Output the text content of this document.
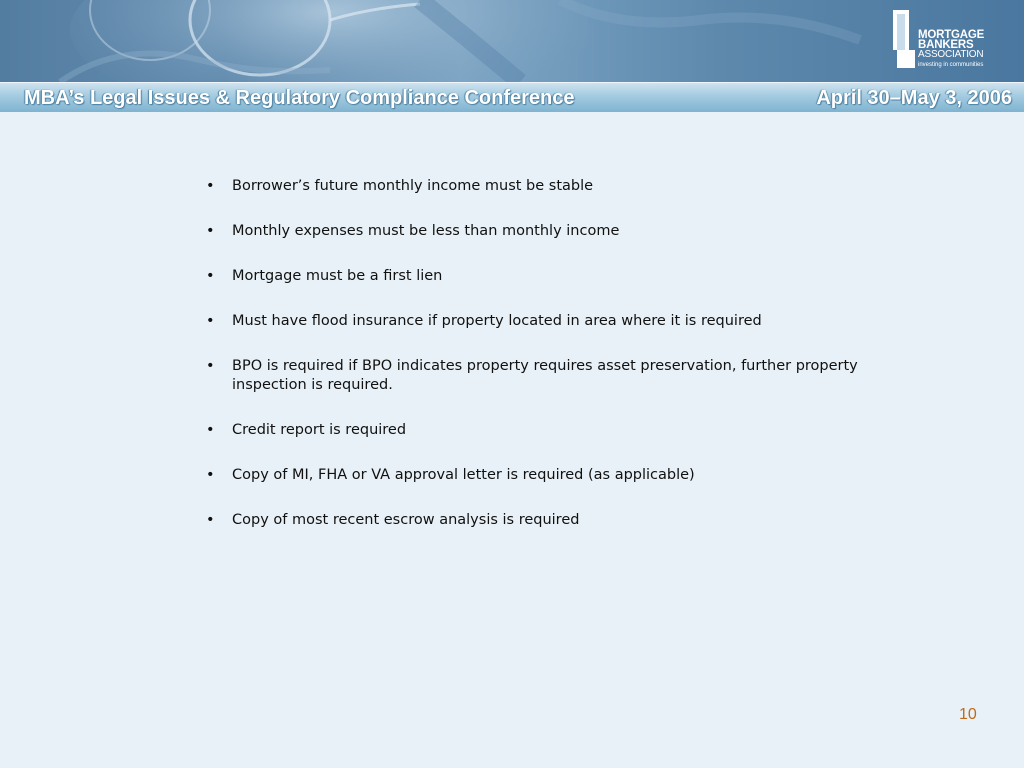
MORTGAGE
BANKERS
ASSOCIATION
investing in communities
MBA’s Legal Issues & Regulatory Compliance Conference	April 30–May 3, 2006
• Borrower’s future monthly income must be stable
• Monthly expenses must be less than monthly income
• Mortgage must be a first lien
• Must have flood insurance if property located in area where it is required
• BPO is required if BPO indicates property requires asset preservation, further property inspection is required.
• Credit report is required
• Copy of MI, FHA or VA approval letter is required (as applicable)
• Copy of most recent escrow analysis is required
10
